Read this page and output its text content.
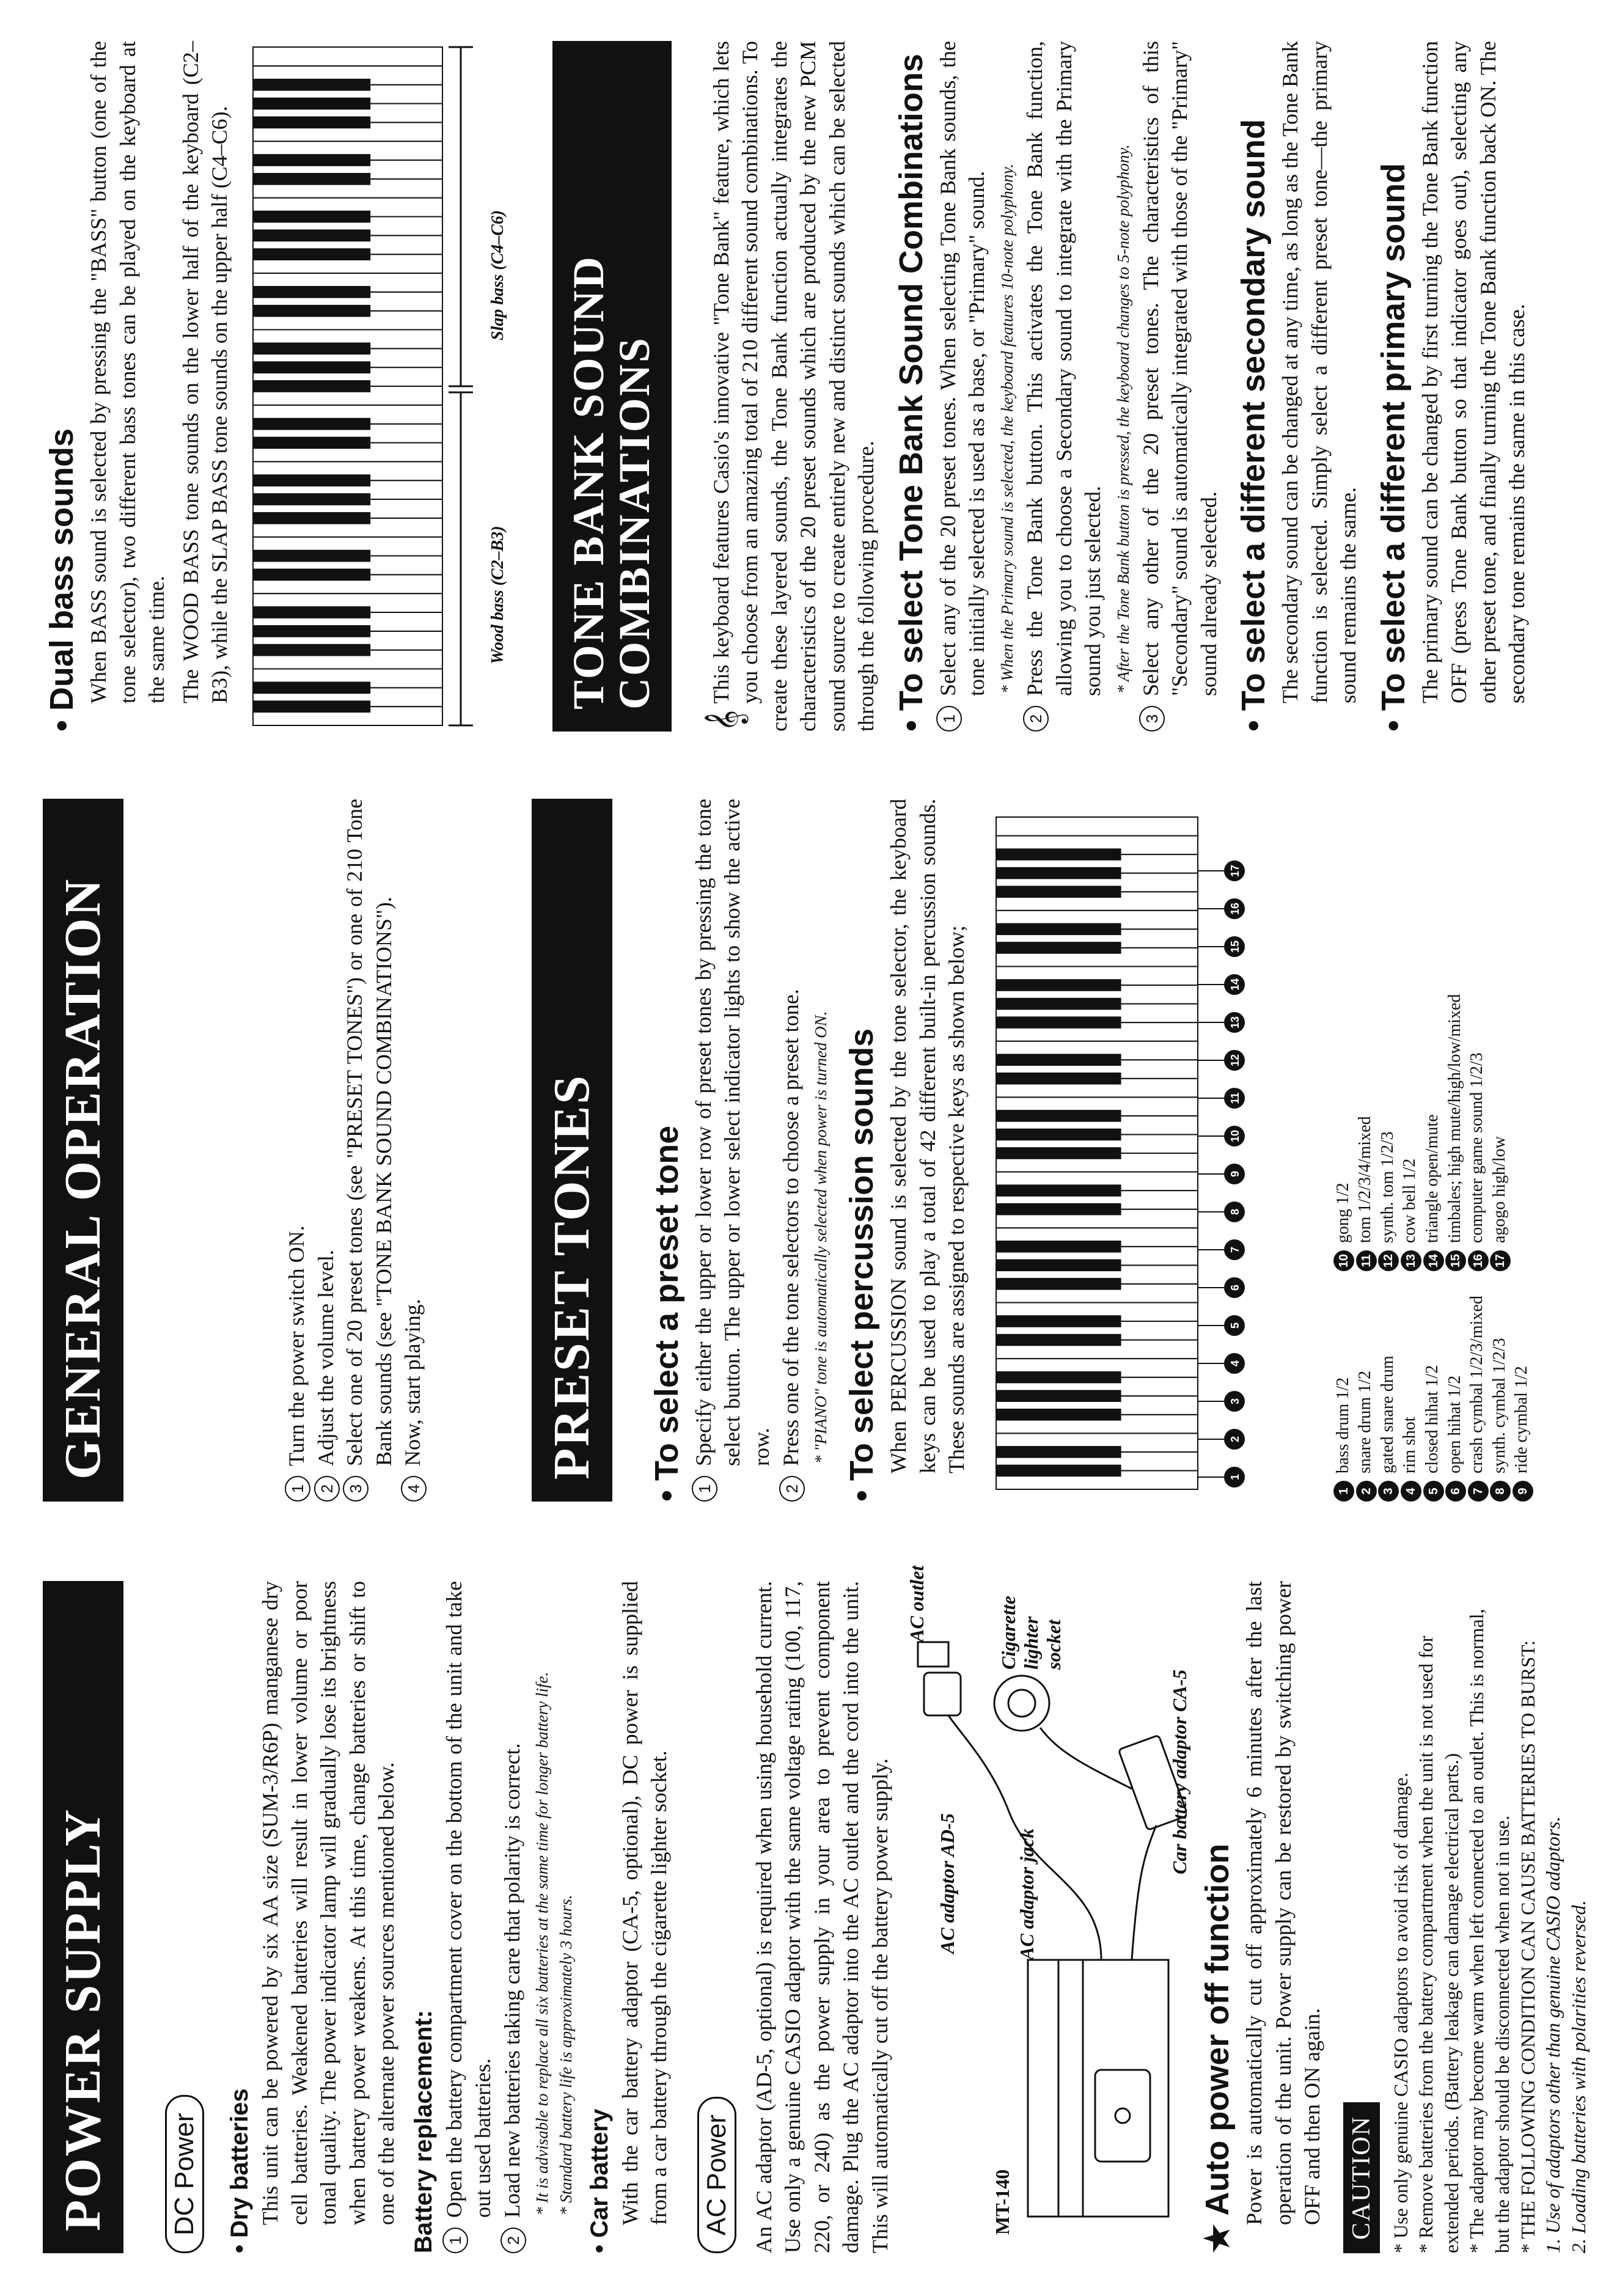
POWER SUPPLY	DC Power • Dry batteries This unit can be powered by six AA size (SUM-3/R6P) manganese dry cell batteries. Weakened batteries will result in lower volume or poor tonal quality. The power indicator lamp will gradually lose its brightness when battery power weakens. At this time, change batteries or shift to one of the alternate power sources mentioned below. Battery replacement: 1
Open the battery compartment cover on the bottom of the unit and take out used batteries.
2
Load new batteries taking care that polarity is correct. * It is advisable to replace all six batteries at the same time for longer battery life. * Standard battery life is approximately 3 hours. • Car battery With the car battery adaptor (CA-5, optional), DC power is supplied from a car battery through the cigarette lighter socket. AC Power An AC adaptor (AD-5, optional) is required when using household current. Use only a genuine CASIO adaptor with the same voltage rating (100, 117, 220, or 240) as the power supply in your area to prevent component damage. Plug the AC adaptor into the AC outlet and the cord into the unit. This will automatically cut off the battery power supply. AC adaptor AD-5
AC outlet
AC adaptor jack
MT-140
Cigarette lighter socket
Car battery adaptor CA-5
★ Auto power off function Power is automatically cut off approximately 6 minutes after the last operation of the unit. Power supply can be restored by switching power OFF and then ON again. CAUTION
* Use only genuine CASIO adaptors to avoid risk of damage.
* Remove batteries from the battery compartment when the unit is not used for extended periods. (Battery leakage can damage electrical parts.) * The adaptor may become warm when left connected to an outlet. This is normal, but the adaptor should be disconnected when not in use. * THE FOLLOWING CONDITION CAN CAUSE BATTERIES TO BURST: 1. Use of adaptors other than genuine CASIO adaptors. 2. Loading batteries with polarities reversed.
GENERAL OPERATION
1
Turn the power switch ON.
2
Adjust the volume level.
3
Select one of 20 preset tones (see "PRESET TONES") or one of 210 Tone Bank sounds (see "TONE BANK SOUND COMBINATIONS").
4
Now, start playing. PRESET TONES	• To select a preset tone
1
Specify either the upper or lower row of preset tones by pressing the tone select button. The upper or lower select indicator lights to show the active row.
2
Press one of the tone selectors to choose a preset tone. * "PIANO" tone is automatically selected when power is turned ON. • To select percussion sounds When PERCUSSION sound is selected by the tone selector, the keyboard keys can be used to play a total of 42 different built-in percussion sounds. These sounds are assigned to respective keys as shown below;

1
2
3
4
5
6
7
8
9
10
11
12
13
14
15
16
17
1bass drum 1/2
2snare drum 1/2
3gated snare drum
4rim shot
5closed hihat 1/2
6open hihat 1/2
7crash cymbal 1/2/3/mixed
8synth. cymbal 1/2/3
9ride cymbal 1/2
10gong 1/2
11tom 1/2/3/4/mixed
12synth. tom 1/2/3
13cow bell 1/2
14triangle open/mute
15timbales; high mute/high/low/mixed
16computer game sound 1/2/3
17agogo high/low
• Dual bass sounds When BASS sound is selected by pressing the "BASS" button (one of the tone selector), two different bass tones can be played on the keyboard at the same time. The WOOD BASS tone sounds on the lower half of the keyboard (C2–B3), while the SLAP BASS tone sounds on the upper half (C4–C6).	Wood bass (C2–B3)
Slap bass (C4–C6) TONE BANK SOUND COMBINATIONS

𝄞
This keyboard features Casio's innovative "Tone Bank" feature, which lets you choose from an amazing total of 210 different sound combinations. To create these layered sounds, the Tone Bank function actually integrates the characteristics of the 20 preset sounds which are produced by the new PCM sound source to create entirely new and distinct sounds which can be selected through the following procedure. • To select Tone Bank Sound Combinations
1
Select any of the 20 preset tones. When selecting Tone Bank sounds, the tone initially selected is used as a base, or "Primary" sound. * When the Primary sound is selected, the keyboard features 10-note polyphony.
2
Press the Tone Bank button. This activates the Tone Bank function, allowing you to choose a Secondary sound to integrate with the Primary sound you just selected. * After the Tone Bank button is pressed, the keyboard changes to 5-note polyphony.
3
Select any other of the 20 preset tones. The characteristics of this "Secondary" sound is automatically integrated with those of the "Primary" sound already selected. • To select a different secondary sound The secondary sound can be changed at any time, as long as the Tone Bank function is selected. Simply select a different preset tone—the primary sound remains the same. • To select a different primary sound The primary sound can be changed by first turning the Tone Bank function OFF (press Tone Bank button so that indicator goes out), selecting any other preset tone, and finally turning the Tone Bank function back ON. The secondary tone remains the same in this case.
